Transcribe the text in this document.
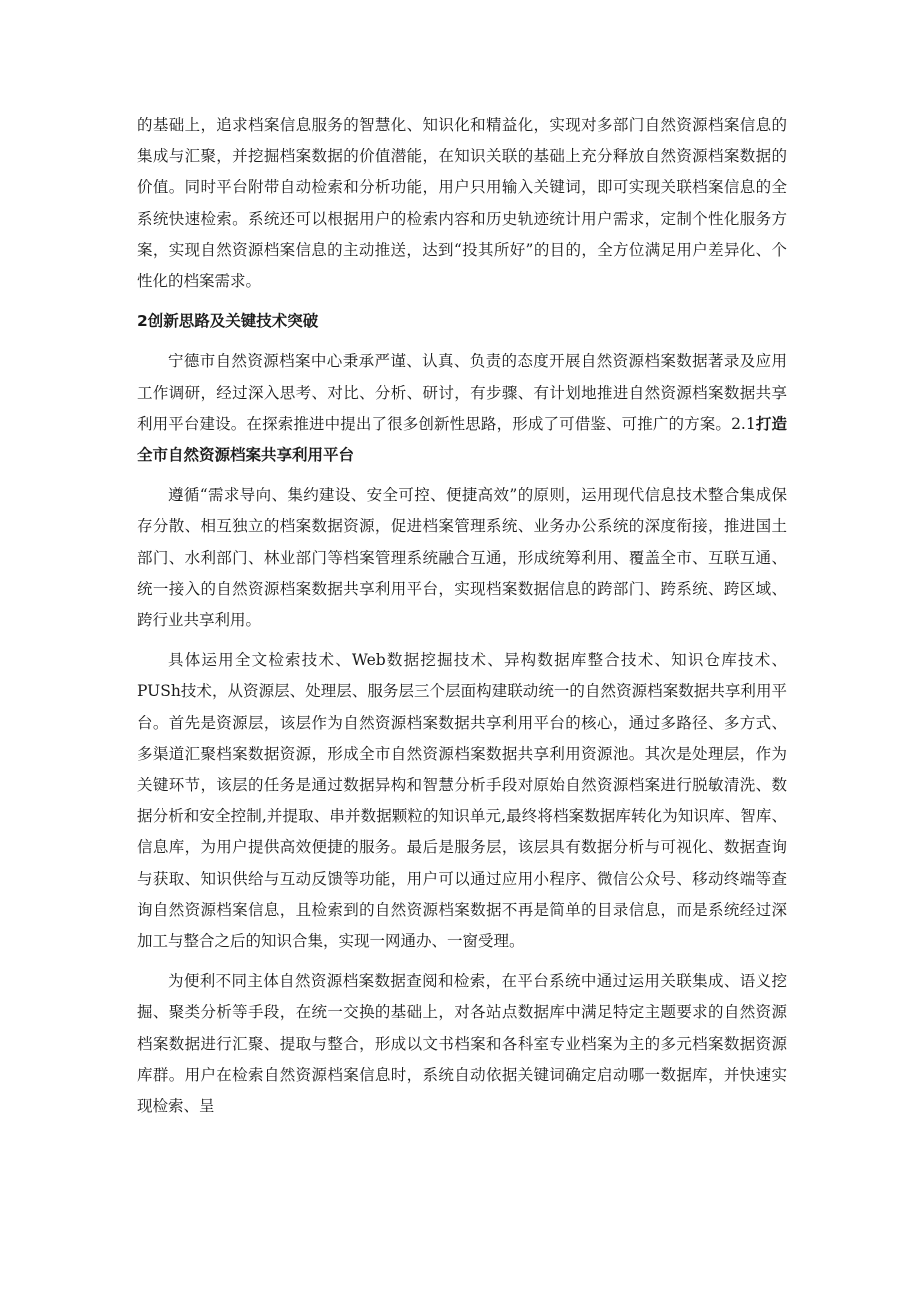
的基础上，追求档案信息服务的智慧化、知识化和精益化，实现对多部门自然资源档案信息的集成与汇聚，并挖掘档案数据的价值潜能，在知识关联的基础上充分释放自然资源档案数据的价值。同时平台附带自动检索和分析功能，用户只用输入关键词，即可实现关联档案信息的全系统快速检索。系统还可以根据用户的检索内容和历史轨迹统计用户需求，定制个性化服务方案，实现自然资源档案信息的主动推送，达到“投其所好”的目的，全方位满足用户差异化、个性化的档案需求。

2创新思路及关键技术突破

宁德市自然资源档案中心秉承严谨、认真、负责的态度开展自然资源档案数据著录及应用工作调研，经过深入思考、对比、分析、研讨，有步骤、有计划地推进自然资源档案数据共享利用平台建设。在探索推进中提出了很多创新性思路，形成了可借鉴、可推广的方案。2.1打造全市自然资源档案共享利用平台

遵循“需求导向、集约建设、安全可控、便捷高效”的原则，运用现代信息技术整合集成保存分散、相互独立的档案数据资源，促进档案管理系统、业务办公系统的深度衔接，推进国土部门、水利部门、林业部门等档案管理系统融合互通，形成统筹利用、覆盖全市、互联互通、统一接入的自然资源档案数据共享利用平台，实现档案数据信息的跨部门、跨系统、跨区域、跨行业共享利用。

具体运用全文检索技术、Web数据挖掘技术、异构数据库整合技术、知识仓库技术、PUSh技术，从资源层、处理层、服务层三个层面构建联动统一的自然资源档案数据共享利用平台。首先是资源层，该层作为自然资源档案数据共享利用平台的核心，通过多路径、多方式、多渠道汇聚档案数据资源，形成全市自然资源档案数据共享利用资源池。其次是处理层，作为关键环节，该层的任务是通过数据异构和智慧分析手段对原始自然资源档案进行脱敏清洗、数据分析和安全控制,并提取、串并数据颗粒的知识单元,最终将档案数据库转化为知识库、智库、信息库，为用户提供高效便捷的服务。最后是服务层，该层具有数据分析与可视化、数据查询与获取、知识供给与互动反馈等功能，用户可以通过应用小程序、微信公众号、移动终端等查询自然资源档案信息，且检索到的自然资源档案数据不再是简单的目录信息，而是系统经过深加工与整合之后的知识合集，实现一网通办、一窗受理。

为便利不同主体自然资源档案数据查阅和检索，在平台系统中通过运用关联集成、语义挖掘、聚类分析等手段，在统一交换的基础上，对各站点数据库中满足特定主题要求的自然资源档案数据进行汇聚、提取与整合，形成以文书档案和各科室专业档案为主的多元档案数据资源库群。用户在检索自然资源档案信息时，系统自动依据关键词确定启动哪一数据库，并快速实现检索、呈
